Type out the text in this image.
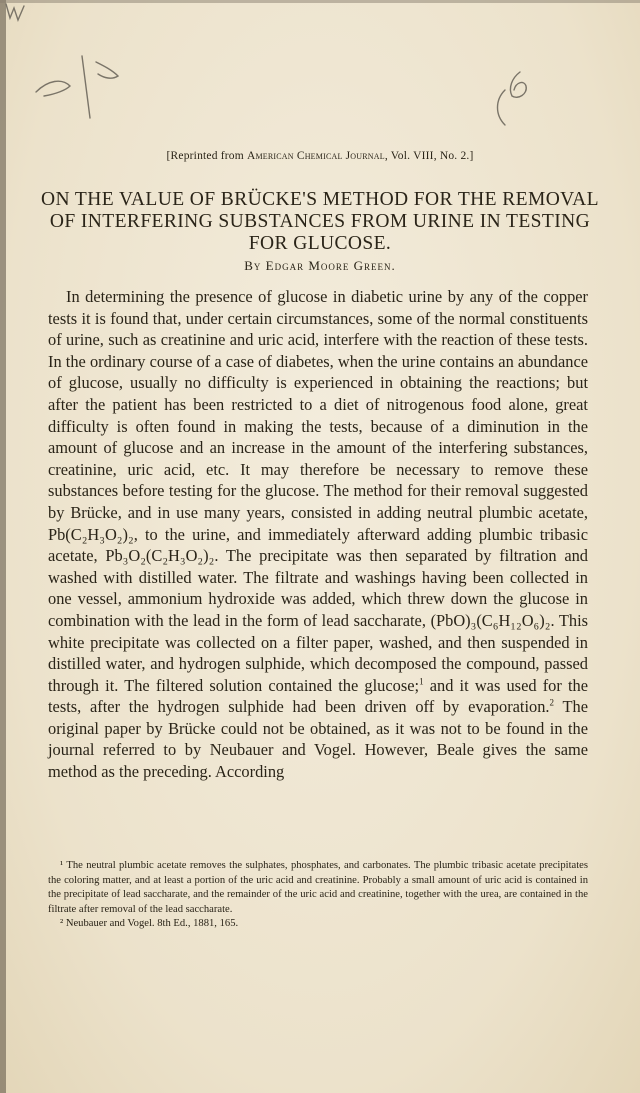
[Reprinted from American Chemical Journal, Vol. VIII, No. 2.]
ON THE VALUE OF BRÜCKE'S METHOD FOR THE REMOVAL OF INTERFERING SUBSTANCES FROM URINE IN TESTING FOR GLUCOSE.
By Edgar Moore Green.

In determining the presence of glucose in diabetic urine by any of the copper tests it is found that, under certain circumstances, some of the normal constituents of urine, such as creatinine and uric acid, interfere with the reaction of these tests. In the ordinary course of a case of diabetes, when the urine contains an abundance of glucose, usually no difficulty is experienced in obtaining the reactions; but after the patient has been restricted to a diet of nitrogenous food alone, great difficulty is often found in making the tests, because of a diminution in the amount of glucose and an increase in the amount of the interfering substances, creatinine, uric acid, etc. It may therefore be necessary to remove these substances before testing for the glucose. The method for their removal suggested by Brücke, and in use many years, consisted in adding neutral plumbic acetate, Pb(C₂H₃O₂)₂, to the urine, and immediately afterward adding plumbic tribasic acetate, Pb₃O₂(C₂H₃O₂)₂. The precipitate was then separated by filtration and washed with distilled water. The filtrate and washings having been collected in one vessel, ammonium hydroxide was added, which threw down the glucose in combination with the lead in the form of lead saccharate, (PbO)₃(C₆H₁₂O₆)₂. This white precipitate was collected on a filter paper, washed, and then suspended in distilled water, and hydrogen sulphide, which decomposed the compound, passed through it. The filtered solution contained the glucose;$^1$ and it was used for the tests, after the hydrogen sulphide had been driven off by evaporation.$^2$ The original paper by Brücke could not be obtained, as it was not to be found in the journal referred to by Neubauer and Vogel. However, Beale gives the same method as the preceding. According

¹ The neutral plumbic acetate removes the sulphates, phosphates, and carbonates. The plumbic tribasic acetate precipitates the coloring matter, and at least a portion of the uric acid and creatinine. Probably a small amount of uric acid is contained in the precipitate of lead saccharate, and the remainder of the uric acid and creatinine, together with the urea, are contained in the filtrate after removal of the lead saccharate.

² Neubauer and Vogel. 8th Ed., 1881, 165.
